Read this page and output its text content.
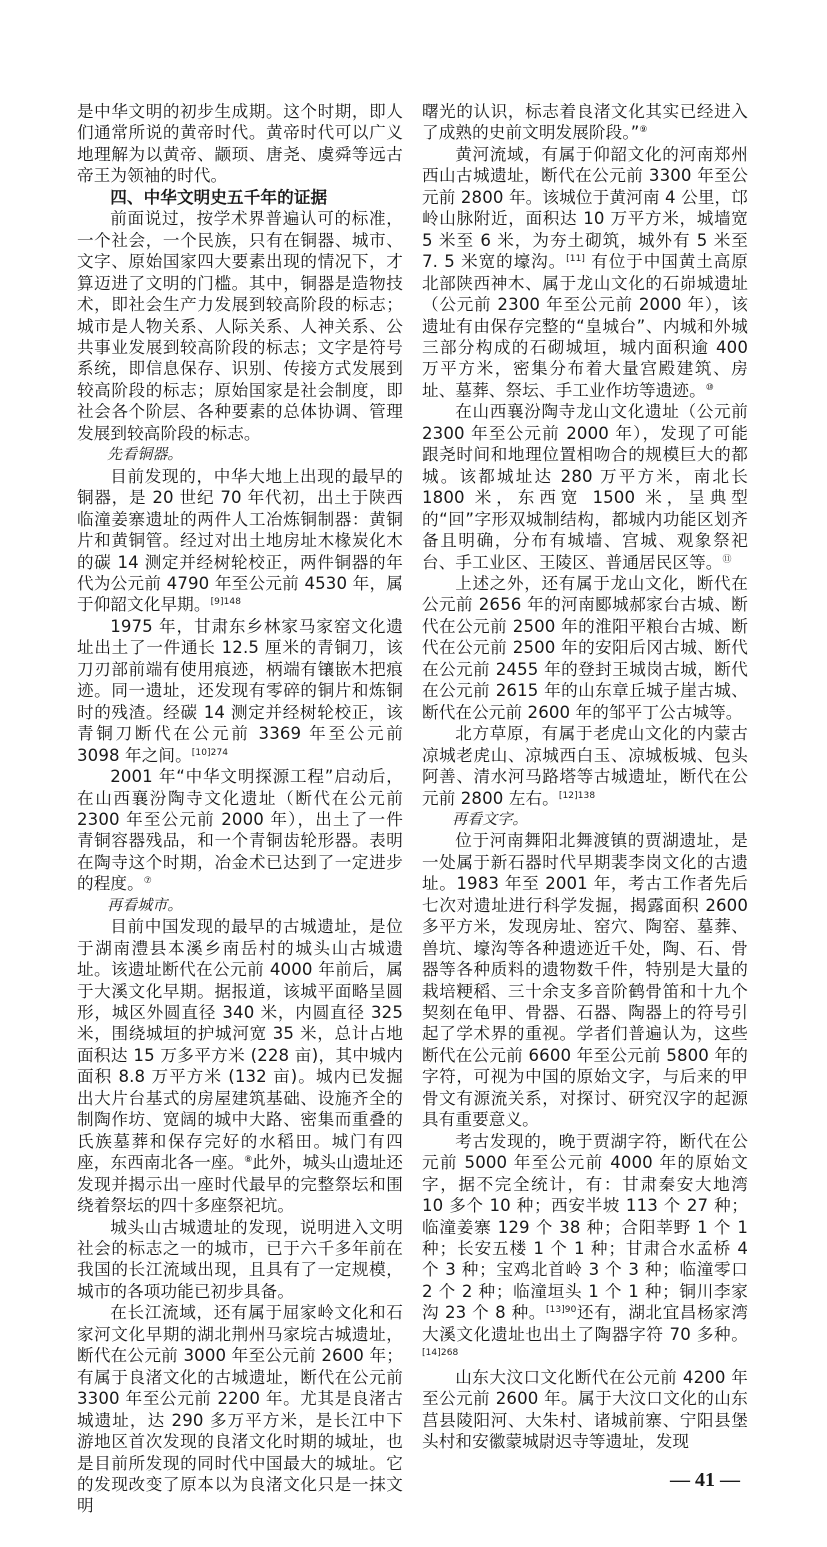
是中华文明的初步生成期。这个时期，即人们通常所说的黄帝时代。黄帝时代可以广义地理解为以黄帝、颛顼、唐尧、虞舜等远古帝王为领袖的时代。

四、中华文明史五千年的证据

前面说过，按学术界普遍认可的标准，一个社会，一个民族，只有在铜器、城市、文字、原始国家四大要素出现的情况下，才算迈进了文明的门槛。其中，铜器是造物技术，即社会生产力发展到较高阶段的标志；城市是人物关系、人际关系、人神关系、公共事业发展到较高阶段的标志；文字是符号系统，即信息保存、识别、传接方式发展到较高阶段的标志；原始国家是社会制度，即社会各个阶层、各种要素的总体协调、管理发展到较高阶段的标志。

先看铜器。

目前发现的，中华大地上出现的最早的铜器，是 20 世纪 70 年代初，出土于陕西临潼姜寨遗址的两件人工冶炼铜制器：黄铜片和黄铜管。经过对出土地房址木椽炭化木的碳 14 测定并经树轮校正，两件铜器的年代为公元前 4790 年至公元前 4530 年，属于仰韶文化早期。$^{[9]148}$

1975 年，甘肃东乡林家马家窑文化遗址出土了一件通长 12.5 厘米的青铜刀，该刀刃部前端有使用痕迹，柄端有镶嵌木把痕迹。同一遗址，还发现有零碎的铜片和炼铜时的残渣。经碳 14 测定并经树轮校正，该青铜刀断代在公元前 3369 年至公元前 3098 年之间。$^{[10]274}$

2001 年“中华文明探源工程”启动后，在山西襄汾陶寺文化遗址（断代在公元前 2300 年至公元前 2000 年），出土了一件青铜容器残品，和一个青铜齿轮形器。表明在陶寺这个时期，冶金术已达到了一定进步的程度。⑦

再看城市。

目前中国发现的最早的古城遗址，是位于湖南澧县本溪乡南岳村的城头山古城遗址。该遗址断代在公元前 4000 年前后，属于大溪文化早期。据报道，该城平面略呈圆形，城区外圆直径 340 米，内圆直径 325 米，围绕城垣的护城河宽 35 米，总计占地面积达 15 万多平方米 (228 亩)，其中城内面积 8.8 万平方米 (132 亩)。城内已发掘出大片台基式的房屋建筑基础、设施齐全的制陶作坊、宽阔的城中大路、密集而重叠的氏族墓葬和保存完好的水稻田。城门有四座，东西南北各一座。⑧此外，城头山遗址还发现并揭示出一座时代最早的完整祭坛和围绕着祭坛的四十多座祭祀坑。

城头山古城遗址的发现，说明进入文明社会的标志之一的城市，已于六千多年前在我国的长江流域出现，且具有了一定规模，城市的各项功能已初步具备。

在长江流域，还有属于屈家岭文化和石家河文化早期的湖北荆州马家垸古城遗址，断代在公元前 3000 年至公元前 2600 年；有属于良渚文化的古城遗址，断代在公元前 3300 年至公元前 2200 年。尤其是良渚古城遗址，达 290 多万平方米，是长江中下游地区首次发现的良渚文化时期的城址，也是目前所发现的同时代中国最大的城址。它的发现改变了原本以为良渚文化只是一抹文明

曙光的认识，标志着良渚文化其实已经进入了成熟的史前文明发展阶段。”⑨

黄河流域，有属于仰韶文化的河南郑州西山古城遗址，断代在公元前 3300 年至公元前 2800 年。该城位于黄河南 4 公里，邙岭山脉附近，面积达 10 万平方米，城墙宽 5 米至 6 米，为夯土砌筑，城外有 5 米至 7. 5 米宽的壕沟。[11] 有位于中国黄土高原北部陕西神木、属于龙山文化的石峁城遗址（公元前 2300 年至公元前 2000 年），该遗址有由保存完整的“皇城台”、内城和外城三部分构成的石砌城垣，城内面积逾 400 万平方米，密集分布着大量宫殿建筑、房址、墓葬、祭坛、手工业作坊等遗迹。⑩

在山西襄汾陶寺龙山文化遗址（公元前 2300 年至公元前 2000 年），发现了可能跟尧时间和地理位置相吻合的规模巨大的都城。该都城址达 280 万平方米，南北长 1800 米，东西宽 1500 米，呈典型的“回”字形双城制结构，都城内功能区划齐备且明确，分布有城墙、宫城、观象祭祀台、手工业区、王陵区、普通居民区等。⑪

上述之外，还有属于龙山文化，断代在公元前 2656 年的河南郾城郝家台古城、断代在公元前 2500 年的淮阳平粮台古城、断代在公元前 2500 年的安阳后冈古城、断代在公元前 2455 年的登封王城岗古城，断代在公元前 2615 年的山东章丘城子崖古城、断代在公元前 2600 年的邹平丁公古城等。

北方草原，有属于老虎山文化的内蒙古凉城老虎山、凉城西白玉、凉城板城、包头阿善、清水河马路塔等古城遗址，断代在公元前 2800 左右。$^{[12]138}$

再看文字。

位于河南舞阳北舞渡镇的贾湖遗址，是一处属于新石器时代早期裴李岗文化的古遗址。1983 年至 2001 年，考古工作者先后七次对遗址进行科学发掘，揭露面积 2600 多平方米，发现房址、窑穴、陶窑、墓葬、兽坑、壕沟等各种遗迹近千处，陶、石、骨器等各种质料的遗物数千件，特别是大量的栽培粳稻、三十余支多音阶鹤骨笛和十九个契刻在龟甲、骨器、石器、陶器上的符号引起了学术界的重视。学者们普遍认为，这些断代在公元前 6600 年至公元前 5800 年的字符，可视为中国的原始文字，与后来的甲骨文有源流关系，对探讨、研究汉字的起源具有重要意义。

考古发现的，晚于贾湖字符，断代在公元前 5000 年至公元前 4000 年的原始文字，据不完全统计，有：甘肃秦安大地湾 10 多个 10 种；西安半坡 113 个 27 种；临潼姜寨 129 个 38 种；合阳莘野 1 个 1 种；长安五楼 1 个 1 种；甘肃合水孟桥 4 个 3 种；宝鸡北首岭 3 个 3 种；临潼零口 2 个 2 种；临潼垣头 1 个 1 种；铜川李家沟 23 个 8 种。$^{[13]90}$还有，湖北宜昌杨家湾大溪文化遗址也出土了陶器字符 70 多种。$^{[14]268}$

山东大汶口文化断代在公元前 4200 年至公元前 2600 年。属于大汶口文化的山东莒县陵阳河、大朱村、诸城前寨、宁阳县堡头村和安徽蒙城尉迟寺等遗址，发现

— 41 —
